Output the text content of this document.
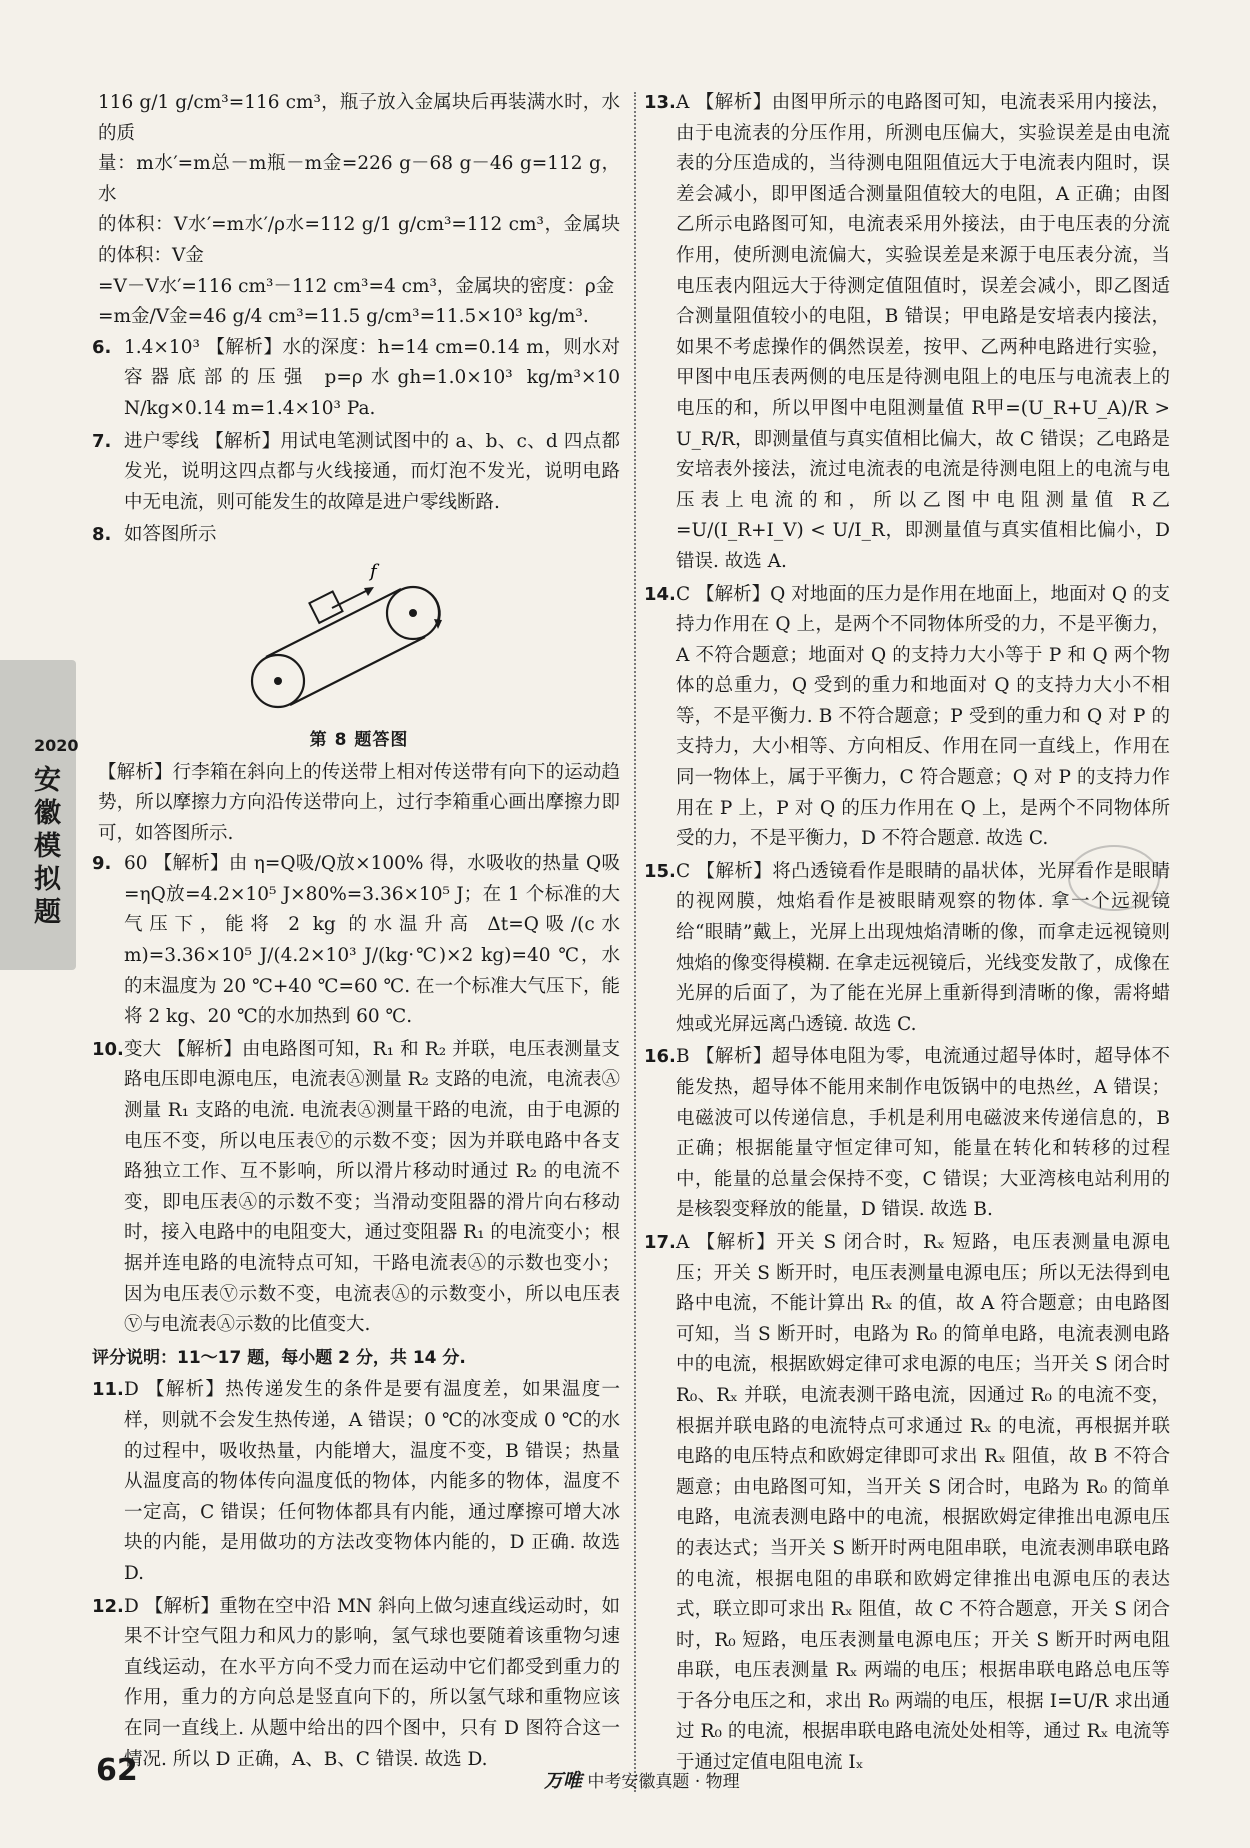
2020
安徽模拟题

116 g/1 g/cm³=116 cm³，瓶子放入金属块后再装满水时，水的质

量：m水′=m总－m瓶－m金=226 g－68 g－46 g=112 g，水

的体积：V水′=m水′/ρ水=112 g/1 g/cm³=112 cm³，金属块的体积：V金

=V－V水′=116 cm³－112 cm³=4 cm³，金属块的密度：ρ金

=m金/V金=46 g/4 cm³=11.5 g/cm³=11.5×10³ kg/m³.

6. 1.4×10³ 【解析】水的深度：h=14 cm=0.14 m，则水对容器底部的压强 p=ρ水gh=1.0×10³ kg/m³×10 N/kg×0.14 m=1.4×10³ Pa.
7. 进户零线 【解析】用试电笔测试图中的 a、b、c、d 四点都发光，说明这四点都与火线接通，而灯泡不发光，说明电路中无电流，则可能发生的故障是进户零线断路.
8. 如答图所示
f

第 8 题答图

【解析】行李箱在斜向上的传送带上相对传送带有向下的运动趋势，所以摩擦力方向沿传送带向上，过行李箱重心画出摩擦力即可，如答图所示.

9. 60 【解析】由 η=Q吸/Q放×100% 得，水吸收的热量 Q吸=ηQ放=4.2×10⁵ J×80%=3.36×10⁵ J；在 1 个标准的大气压下，能将 2 kg 的水温升高 Δt=Q吸/(c水m)=3.36×10⁵ J/(4.2×10³ J/(kg·℃)×2 kg)=40 ℃，水的末温度为 20 ℃+40 ℃=60 ℃. 在一个标准大气压下，能将 2 kg、20 ℃的水加热到 60 ℃.
10. 变大 【解析】由电路图可知，R₁ 和 R₂ 并联，电压表测量支路电压即电源电压，电流表Ⓐ测量 R₂ 支路的电流，电流表Ⓐ测量 R₁ 支路的电流. 电流表Ⓐ测量干路的电流，由于电源的电压不变，所以电压表Ⓥ的示数不变；因为并联电路中各支路独立工作、互不影响，所以滑片移动时通过 R₂ 的电流不变，即电压表Ⓐ的示数不变；当滑动变阻器的滑片向右移动时，接入电路中的电阻变大，通过变阻器 R₁ 的电流变小；根据并连电路的电流特点可知，干路电流表Ⓐ的示数也变小；因为电压表Ⓥ示数不变，电流表Ⓐ的示数变小，所以电压表Ⓥ与电流表Ⓐ示数的比值变大.

评分说明：11～17 题，每小题 2 分，共 14 分.

11. D 【解析】热传递发生的条件是要有温度差，如果温度一样，则就不会发生热传递，A 错误；0 ℃的冰变成 0 ℃的水的过程中，吸收热量，内能增大，温度不变，B 错误；热量从温度高的物体传向温度低的物体，内能多的物体，温度不一定高，C 错误；任何物体都具有内能，通过摩擦可增大冰块的内能，是用做功的方法改变物体内能的，D 正确. 故选 D.
12. D 【解析】重物在空中沿 MN 斜向上做匀速直线运动时，如果不计空气阻力和风力的影响，氢气球也要随着该重物匀速直线运动，在水平方向不受力而在运动中它们都受到重力的作用，重力的方向总是竖直向下的，所以氢气球和重物应该在同一直线上. 从题中给出的四个图中，只有 D 图符合这一情况. 所以 D 正确，A、B、C 错误. 故选 D.
13. A 【解析】由图甲所示的电路图可知，电流表采用内接法，由于电流表的分压作用，所测电压偏大，实验误差是由电流表的分压造成的，当待测电阻阻值远大于电流表内阻时，误差会减小，即甲图适合测量阻值较大的电阻，A 正确；由图乙所示电路图可知，电流表采用外接法，由于电压表的分流作用，使所测电流偏大，实验误差是来源于电压表分流，当电压表内阻远大于待测定值阻值时，误差会减小，即乙图适合测量阻值较小的电阻，B 错误；甲电路是安培表内接法，如果不考虑操作的偶然误差，按甲、乙两种电路进行实验，甲图中电压表两侧的电压是待测电阻上的电压与电流表上的电压的和，所以甲图中电阻测量值 R甲=(U_R+U_A)/R > U_R/R，即测量值与真实值相比偏大，故 C 错误；乙电路是安培表外接法，流过电流表的电流是待测电阻上的电流与电压表上电流的和，所以乙图中电阻测量值 R乙=U/(I_R+I_V) < U/I_R，即测量值与真实值相比偏小，D 错误. 故选 A.
14. C 【解析】Q 对地面的压力是作用在地面上，地面对 Q 的支持力作用在 Q 上，是两个不同物体所受的力，不是平衡力，A 不符合题意；地面对 Q 的支持力大小等于 P 和 Q 两个物体的总重力，Q 受到的重力和地面对 Q 的支持力大小不相等，不是平衡力. B 不符合题意；P 受到的重力和 Q 对 P 的支持力，大小相等、方向相反、作用在同一直线上，作用在同一物体上，属于平衡力，C 符合题意；Q 对 P 的支持力作用在 P 上，P 对 Q 的压力作用在 Q 上，是两个不同物体所受的力，不是平衡力，D 不符合题意. 故选 C.
15. C 【解析】将凸透镜看作是眼睛的晶状体，光屏看作是眼睛的视网膜，烛焰看作是被眼睛观察的物体. 拿一个远视镜给“眼睛”戴上，光屏上出现烛焰清晰的像，而拿走远视镜则烛焰的像变得模糊. 在拿走远视镜后，光线变发散了，成像在光屏的后面了，为了能在光屏上重新得到清晰的像，需将蜡烛或光屏远离凸透镜. 故选 C.
16. B 【解析】超导体电阻为零，电流通过超导体时，超导体不能发热，超导体不能用来制作电饭锅中的电热丝，A 错误；电磁波可以传递信息，手机是利用电磁波来传递信息的，B 正确；根据能量守恒定律可知，能量在转化和转移的过程中，能量的总量会保持不变，C 错误；大亚湾核电站利用的是核裂变释放的能量，D 错误. 故选 B.
17. A 【解析】开关 S 闭合时，Rₓ 短路，电压表测量电源电压；开关 S 断开时，电压表测量电源电压；所以无法得到电路中电流，不能计算出 Rₓ 的值，故 A 符合题意；由电路图可知，当 S 断开时，电路为 R₀ 的简单电路，电流表测电路中的电流，根据欧姆定律可求电源的电压；当开关 S 闭合时 R₀、Rₓ 并联，电流表测干路电流，因通过 R₀ 的电流不变，根据并联电路的电流特点可求通过 Rₓ 的电流，再根据并联电路的电压特点和欧姆定律即可求出 Rₓ 阻值，故 B 不符合题意；由电路图可知，当开关 S 闭合时，电路为 R₀ 的简单电路，电流表测电路中的电流，根据欧姆定律推出电源电压的表达式；当开关 S 断开时两电阻串联，电流表测串联电路的电流，根据电阻的串联和欧姆定律推出电源电压的表达式，联立即可求出 Rₓ 阻值，故 C 不符合题意，开关 S 闭合时，R₀ 短路，电压表测量电源电压；开关 S 断开时两电阻串联，电压表测量 Rₓ 两端的电压；根据串联电路总电压等于各分电压之和，求出 R₀ 两端的电压，根据 I=U/R 求出通过 R₀ 的电流，根据串联电路电流处处相等，通过 Rₓ 电流等于通过定值电阻电流 Iₓ
62	万唯 中考安徽真题 · 物理
